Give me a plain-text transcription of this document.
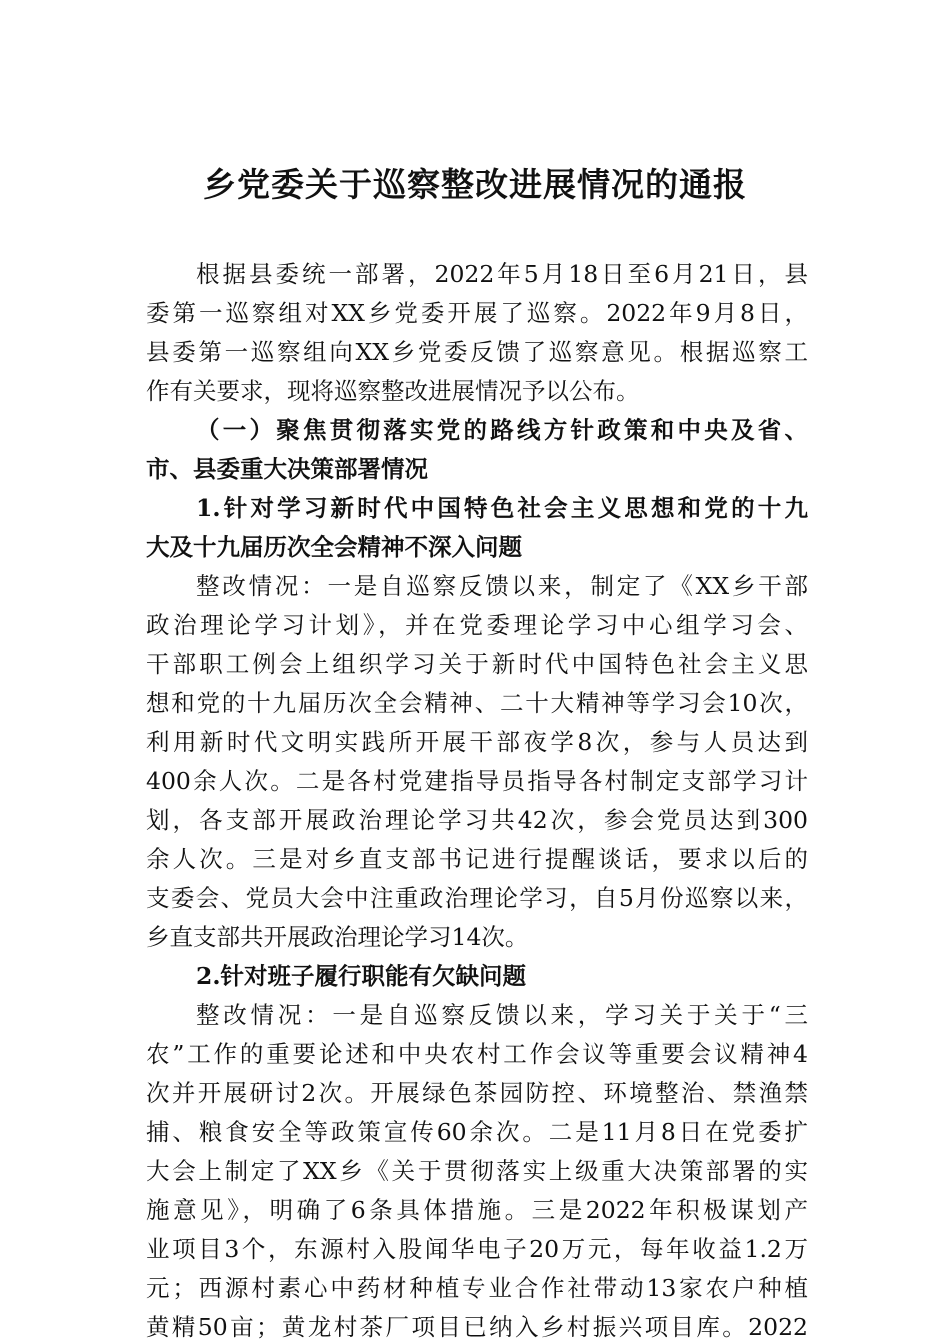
乡党委关于巡察整改进展情况的通报
根据县委统一部署，2022年5月18日至6月21日，县
委第一巡察组对XX乡党委开展了巡察。2022年9月8日，
县委第一巡察组向XX乡党委反馈了巡察意见。根据巡察工
作有关要求，现将巡察整改进展情况予以公布。
（一）聚焦贯彻落实党的路线方针政策和中央及省、
市、县委重大决策部署情况
1.针对学习新时代中国特色社会主义思想和党的十九
大及十九届历次全会精神不深入问题
整改情况：一是自巡察反馈以来，制定了《XX乡干部
政治理论学习计划》，并在党委理论学习中心组学习会、
干部职工例会上组织学习关于新时代中国特色社会主义思
想和党的十九届历次全会精神、二十大精神等学习会10次，
利用新时代文明实践所开展干部夜学8次，参与人员达到
400余人次。二是各村党建指导员指导各村制定支部学习计
划，各支部开展政治理论学习共42次，参会党员达到300
余人次。三是对乡直支部书记进行提醒谈话，要求以后的
支委会、党员大会中注重政治理论学习，自5月份巡察以来，
乡直支部共开展政治理论学习14次。
2.针对班子履行职能有欠缺问题
整改情况：一是自巡察反馈以来，学习关于关于“三
农”工作的重要论述和中央农村工作会议等重要会议精神4
次并开展研讨2次。开展绿色茶园防控、环境整治、禁渔禁
捕、粮食安全等政策宣传60余次。二是11月8日在党委扩
大会上制定了XX乡《关于贯彻落实上级重大决策部署的实
施意见》，明确了6条具体措施。三是2022年积极谋划产
业项目3个，东源村入股闻华电子20万元，每年收益1.2万
元；西源村素心中药材种植专业合作社带动13家农户种植
黄精50亩；黄龙村茶厂项目已纳入乡村振兴项目库。2022
